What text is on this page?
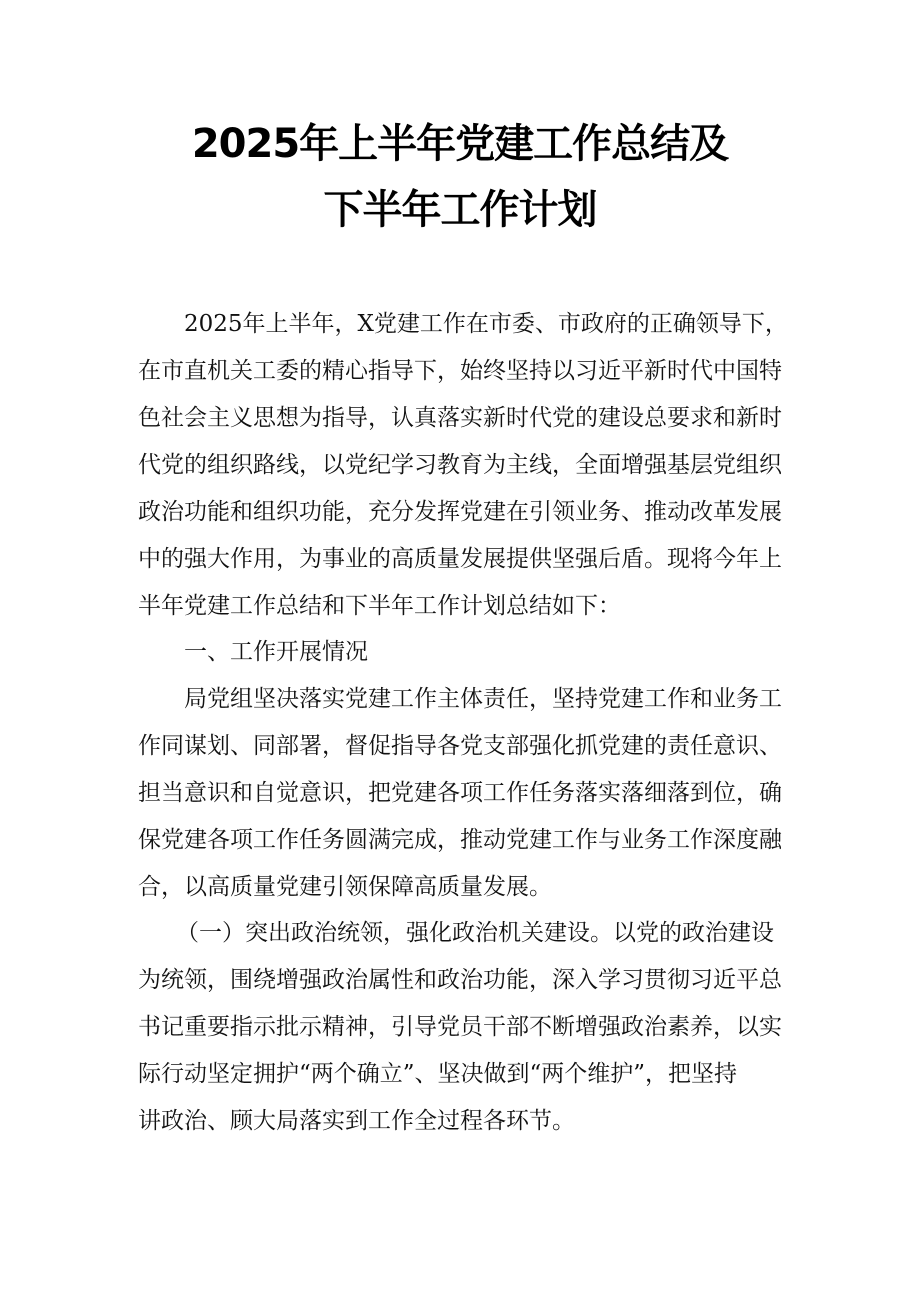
2025年上半年党建工作总结及
下半年工作计划
2025年上半年，X党建工作在市委、市政府的正确领导下，
在市直机关工委的精心指导下，始终坚持以习近平新时代中国特
色社会主义思想为指导，认真落实新时代党的建设总要求和新时
代党的组织路线，以党纪学习教育为主线，全面增强基层党组织
政治功能和组织功能，充分发挥党建在引领业务、推动改革发展
中的强大作用，为事业的高质量发展提供坚强后盾。现将今年上
半年党建工作总结和下半年工作计划总结如下：
一、工作开展情况
局党组坚决落实党建工作主体责任，坚持党建工作和业务工
作同谋划、同部署，督促指导各党支部强化抓党建的责任意识、
担当意识和自觉意识，把党建各项工作任务落实落细落到位，确
保党建各项工作任务圆满完成，推动党建工作与业务工作深度融
合，以高质量党建引领保障高质量发展。
（一）突出政治统领，强化政治机关建设。以党的政治建设
为统领，围绕增强政治属性和政治功能，深入学习贯彻习近平总
书记重要指示批示精神，引导党员干部不断增强政治素养，以实
际行动坚定拥护“两个确立”、坚决做到“两个维护”，把坚持
讲政治、顾大局落实到工作全过程各环节。
